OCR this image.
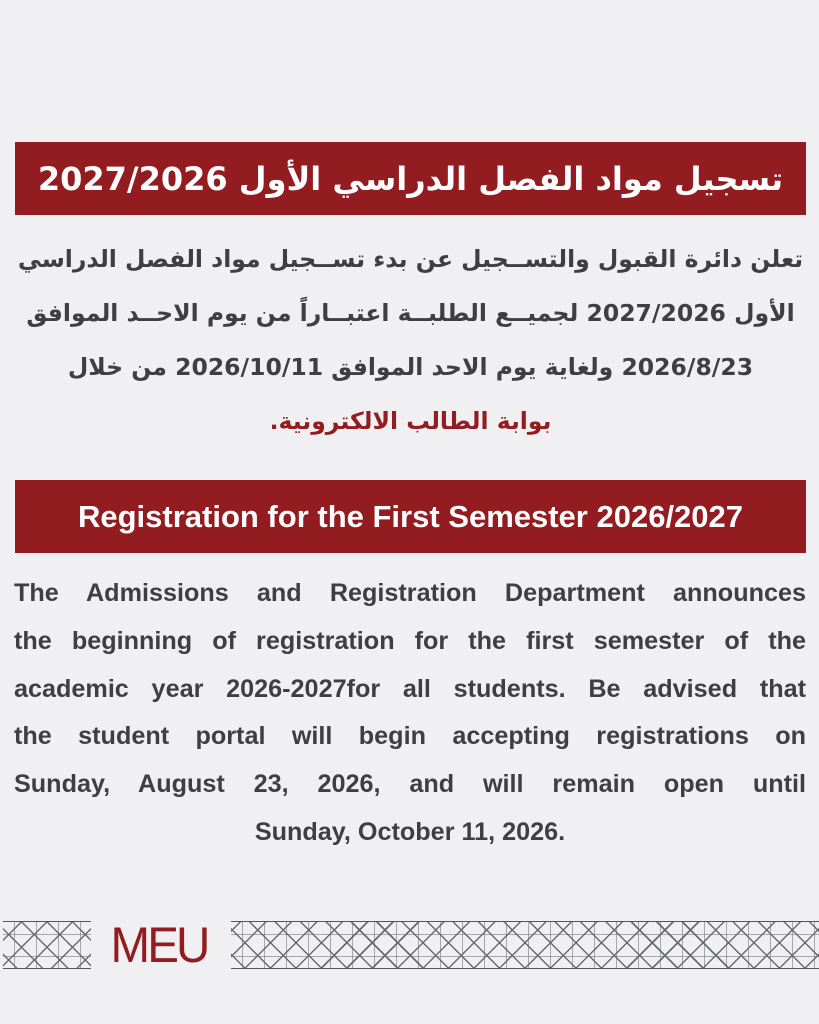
تسجيل مواد الفصل الدراسي الأول 2027/2026
تعلن دائرة القبول والتســجيل عن بدء تســجيل مواد الفصل الدراسي
الأول 2027/2026 لجميــع الطلبــة اعتبــاراً من يوم الاحــد الموافق
2026/8/23 ولغاية يوم الاحد الموافق 2026/10/11 من خلال
بوابة الطالب الالكترونية.
Registration for the First Semester 2026/2027
The Admissions and Registration Department announces
the beginning of registration for the first semester of the
academic year 2026-2027for all students. Be advised that
the student portal will begin accepting registrations on
Sunday, August 23, 2026, and will remain open until
Sunday, October 11, 2026.
MEU
